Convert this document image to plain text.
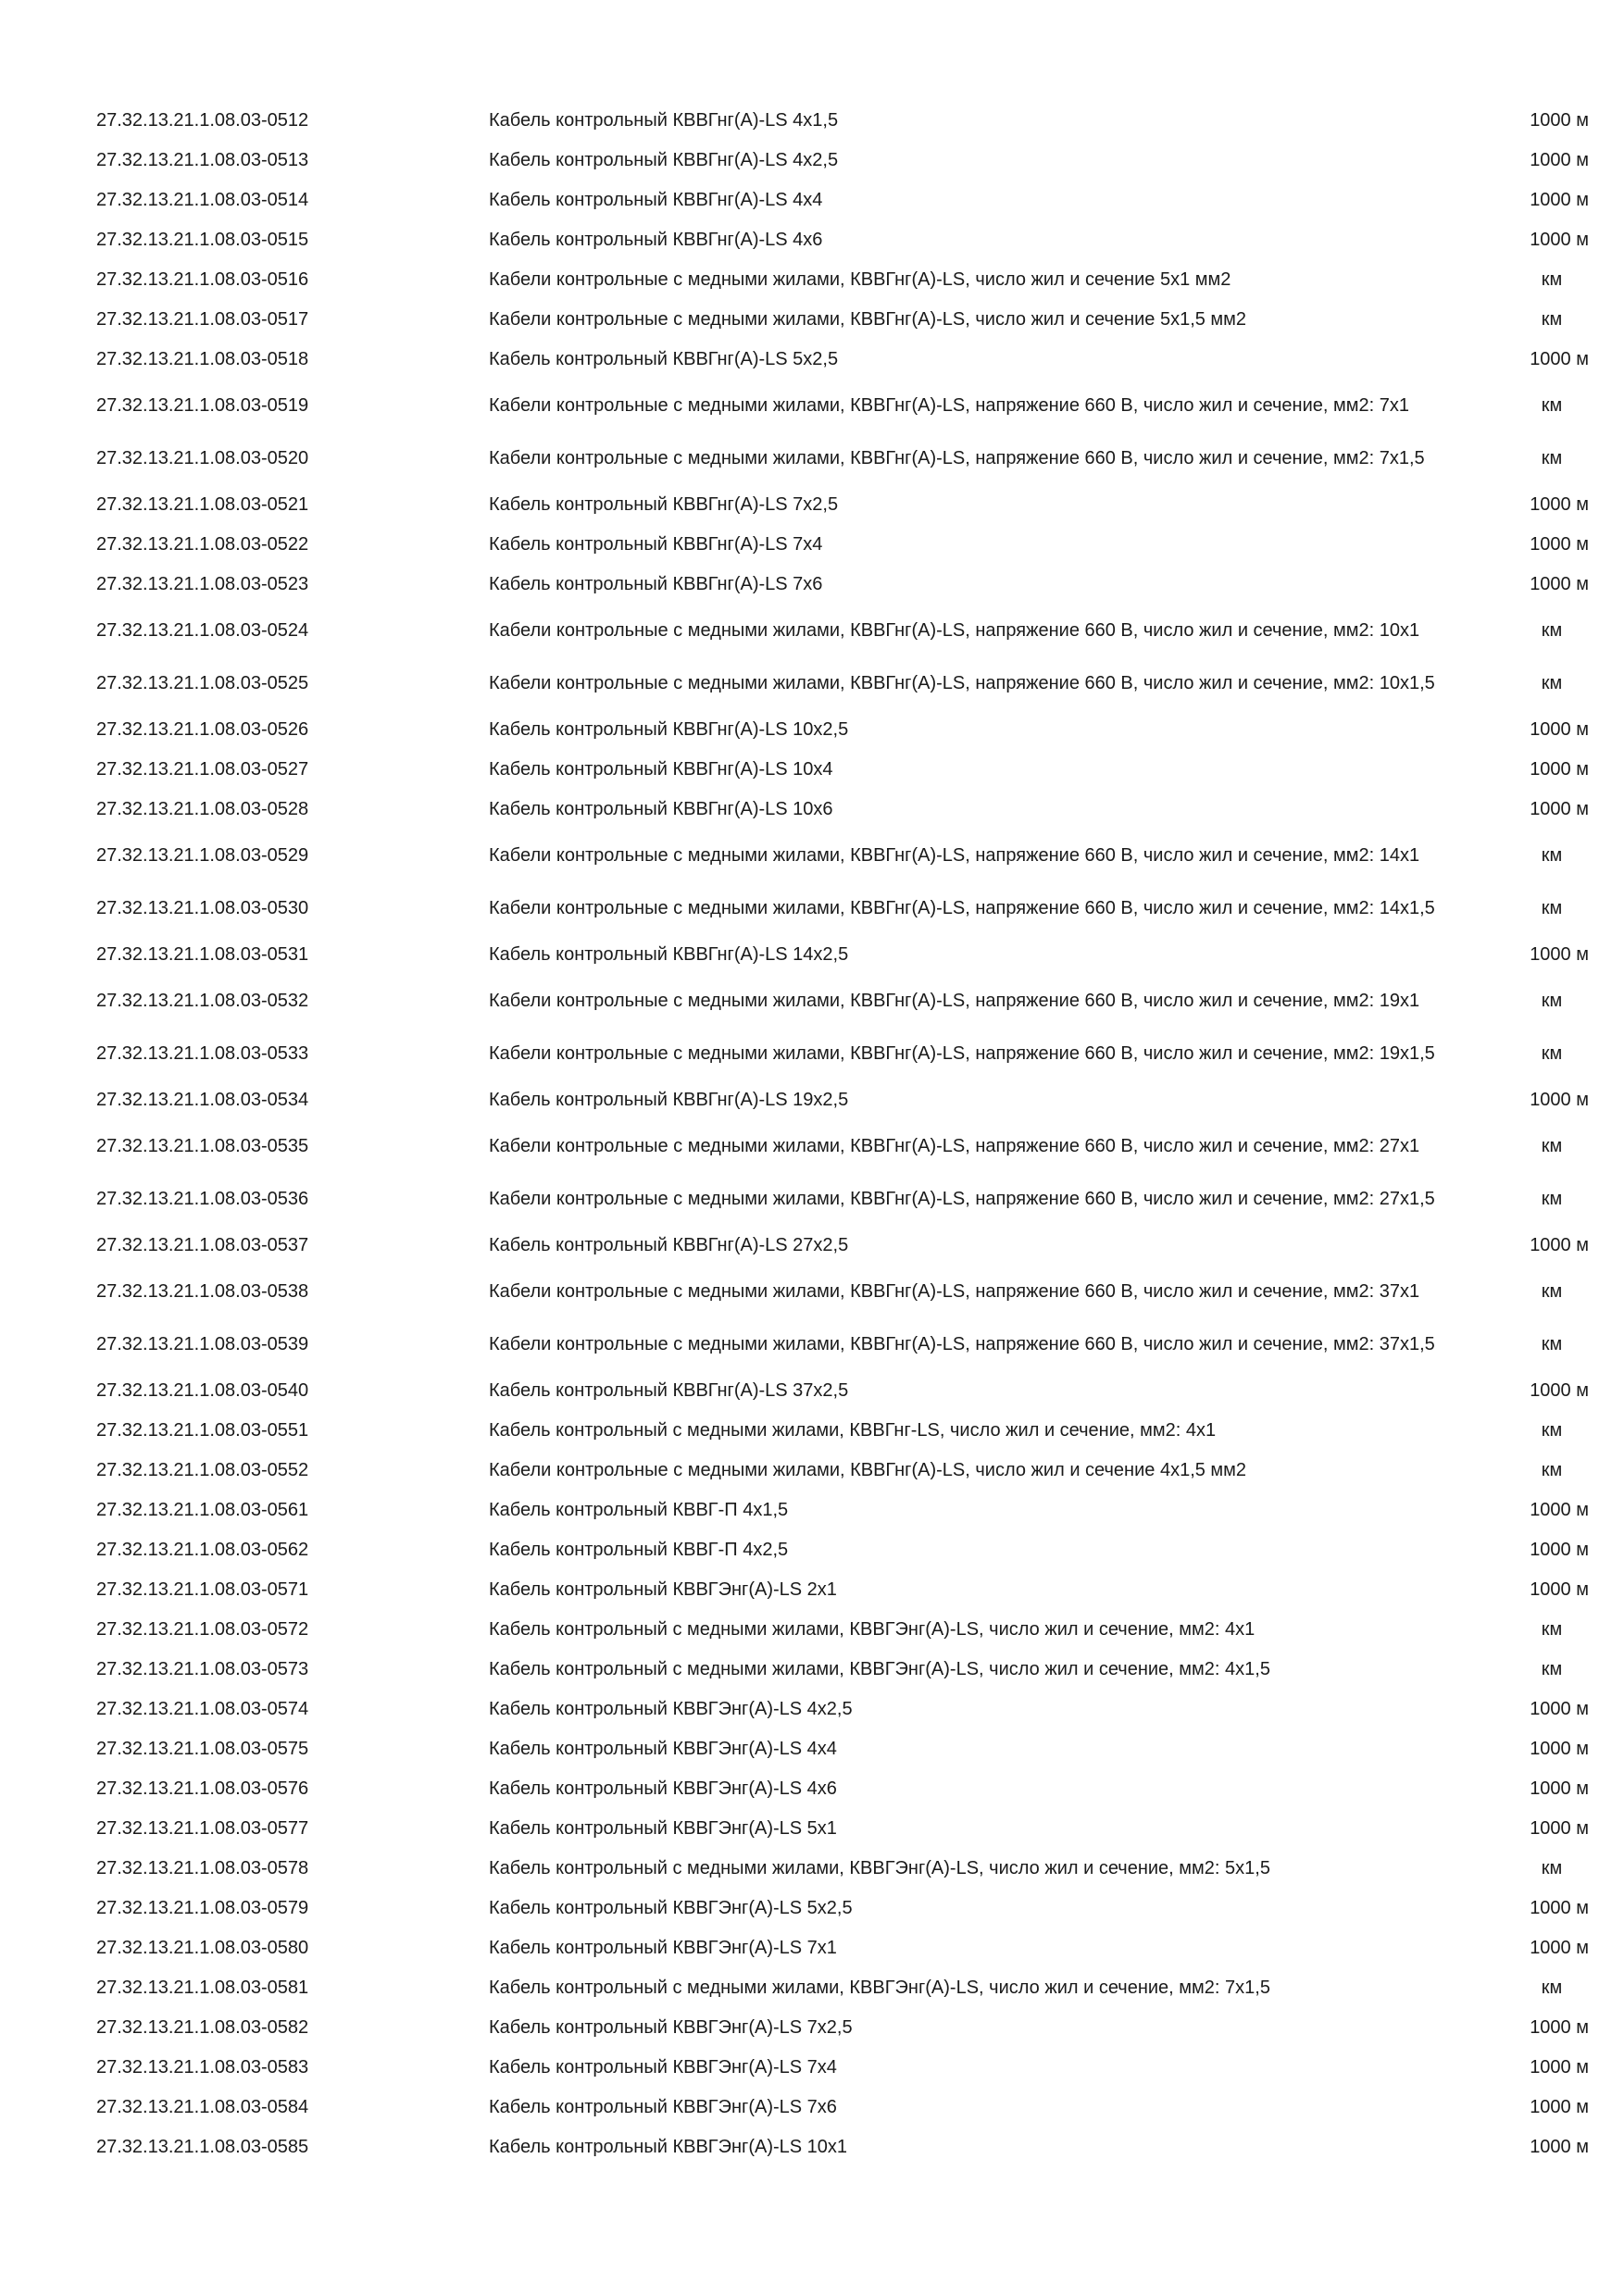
27.32.13.21.1.08.03-0512	Кабель контрольный КВВГнг(А)-LS 4х1,5	1000 м
27.32.13.21.1.08.03-0513	Кабель контрольный КВВГнг(А)-LS 4х2,5	1000 м
27.32.13.21.1.08.03-0514	Кабель контрольный КВВГнг(А)-LS 4х4	1000 м
27.32.13.21.1.08.03-0515	Кабель контрольный КВВГнг(А)-LS 4х6	1000 м
27.32.13.21.1.08.03-0516	Кабели контрольные с медными жилами, КВВГнг(А)-LS, число жил и сечение 5х1 мм2	км
27.32.13.21.1.08.03-0517	Кабели контрольные с медными жилами, КВВГнг(А)-LS, число жил и сечение 5х1,5 мм2	км
27.32.13.21.1.08.03-0518	Кабель контрольный КВВГнг(А)-LS 5х2,5	1000 м
27.32.13.21.1.08.03-0519	Кабели контрольные с медными жилами, КВВГнг(А)-LS, напряжение 660 В, число жил и сечение, мм2: 7х1	км
27.32.13.21.1.08.03-0520	Кабели контрольные с медными жилами, КВВГнг(А)-LS, напряжение 660 В, число жил и сечение, мм2: 7х1,5	км
27.32.13.21.1.08.03-0521	Кабель контрольный КВВГнг(А)-LS 7х2,5	1000 м
27.32.13.21.1.08.03-0522	Кабель контрольный КВВГнг(А)-LS 7х4	1000 м
27.32.13.21.1.08.03-0523	Кабель контрольный КВВГнг(А)-LS 7х6	1000 м
27.32.13.21.1.08.03-0524	Кабели контрольные с медными жилами, КВВГнг(А)-LS, напряжение 660 В, число жил и сечение, мм2: 10х1	км
27.32.13.21.1.08.03-0525	Кабели контрольные с медными жилами, КВВГнг(А)-LS, напряжение 660 В, число жил и сечение, мм2: 10х1,5	км
27.32.13.21.1.08.03-0526	Кабель контрольный КВВГнг(А)-LS 10х2,5	1000 м
27.32.13.21.1.08.03-0527	Кабель контрольный КВВГнг(А)-LS 10х4	1000 м
27.32.13.21.1.08.03-0528	Кабель контрольный КВВГнг(А)-LS 10х6	1000 м
27.32.13.21.1.08.03-0529	Кабели контрольные с медными жилами, КВВГнг(А)-LS, напряжение 660 В, число жил и сечение, мм2: 14х1	км
27.32.13.21.1.08.03-0530	Кабели контрольные с медными жилами, КВВГнг(А)-LS, напряжение 660 В, число жил и сечение, мм2: 14х1,5	км
27.32.13.21.1.08.03-0531	Кабель контрольный КВВГнг(А)-LS 14х2,5	1000 м
27.32.13.21.1.08.03-0532	Кабели контрольные с медными жилами, КВВГнг(А)-LS, напряжение 660 В, число жил и сечение, мм2: 19х1	км
27.32.13.21.1.08.03-0533	Кабели контрольные с медными жилами, КВВГнг(А)-LS, напряжение 660 В, число жил и сечение, мм2: 19х1,5	км
27.32.13.21.1.08.03-0534	Кабель контрольный КВВГнг(А)-LS 19х2,5	1000 м
27.32.13.21.1.08.03-0535	Кабели контрольные с медными жилами, КВВГнг(А)-LS, напряжение 660 В, число жил и сечение, мм2: 27х1	км
27.32.13.21.1.08.03-0536	Кабели контрольные с медными жилами, КВВГнг(А)-LS, напряжение 660 В, число жил и сечение, мм2: 27х1,5	км
27.32.13.21.1.08.03-0537	Кабель контрольный КВВГнг(А)-LS 27х2,5	1000 м
27.32.13.21.1.08.03-0538	Кабели контрольные с медными жилами, КВВГнг(А)-LS, напряжение 660 В, число жил и сечение, мм2: 37х1	км
27.32.13.21.1.08.03-0539	Кабели контрольные с медными жилами, КВВГнг(А)-LS, напряжение 660 В, число жил и сечение, мм2: 37х1,5	км
27.32.13.21.1.08.03-0540	Кабель контрольный КВВГнг(А)-LS 37х2,5	1000 м
27.32.13.21.1.08.03-0551	Кабель контрольный с медными жилами, КВВГнг-LS, число жил и сечение, мм2: 4х1	км
27.32.13.21.1.08.03-0552	Кабели контрольные с медными жилами, КВВГнг(А)-LS, число жил и сечение 4х1,5 мм2	км
27.32.13.21.1.08.03-0561	Кабель контрольный КВВГ-П 4х1,5	1000 м
27.32.13.21.1.08.03-0562	Кабель контрольный КВВГ-П 4х2,5	1000 м
27.32.13.21.1.08.03-0571	Кабель контрольный КВВГЭнг(А)-LS 2х1	1000 м
27.32.13.21.1.08.03-0572	Кабель контрольный с медными жилами, КВВГЭнг(А)-LS, число жил и сечение, мм2: 4х1	км
27.32.13.21.1.08.03-0573	Кабель контрольный с медными жилами, КВВГЭнг(А)-LS, число жил и сечение, мм2: 4х1,5	км
27.32.13.21.1.08.03-0574	Кабель контрольный КВВГЭнг(А)-LS 4х2,5	1000 м
27.32.13.21.1.08.03-0575	Кабель контрольный КВВГЭнг(А)-LS 4х4	1000 м
27.32.13.21.1.08.03-0576	Кабель контрольный КВВГЭнг(А)-LS 4х6	1000 м
27.32.13.21.1.08.03-0577	Кабель контрольный КВВГЭнг(А)-LS 5х1	1000 м
27.32.13.21.1.08.03-0578	Кабель контрольный с медными жилами, КВВГЭнг(А)-LS, число жил и сечение, мм2: 5х1,5	км
27.32.13.21.1.08.03-0579	Кабель контрольный КВВГЭнг(А)-LS 5х2,5	1000 м
27.32.13.21.1.08.03-0580	Кабель контрольный КВВГЭнг(А)-LS 7х1	1000 м
27.32.13.21.1.08.03-0581	Кабель контрольный с медными жилами, КВВГЭнг(А)-LS, число жил и сечение, мм2: 7х1,5	км
27.32.13.21.1.08.03-0582	Кабель контрольный КВВГЭнг(А)-LS 7х2,5	1000 м
27.32.13.21.1.08.03-0583	Кабель контрольный КВВГЭнг(А)-LS 7х4	1000 м
27.32.13.21.1.08.03-0584	Кабель контрольный КВВГЭнг(А)-LS 7х6	1000 м
27.32.13.21.1.08.03-0585	Кабель контрольный КВВГЭнг(А)-LS 10х1	1000 м
